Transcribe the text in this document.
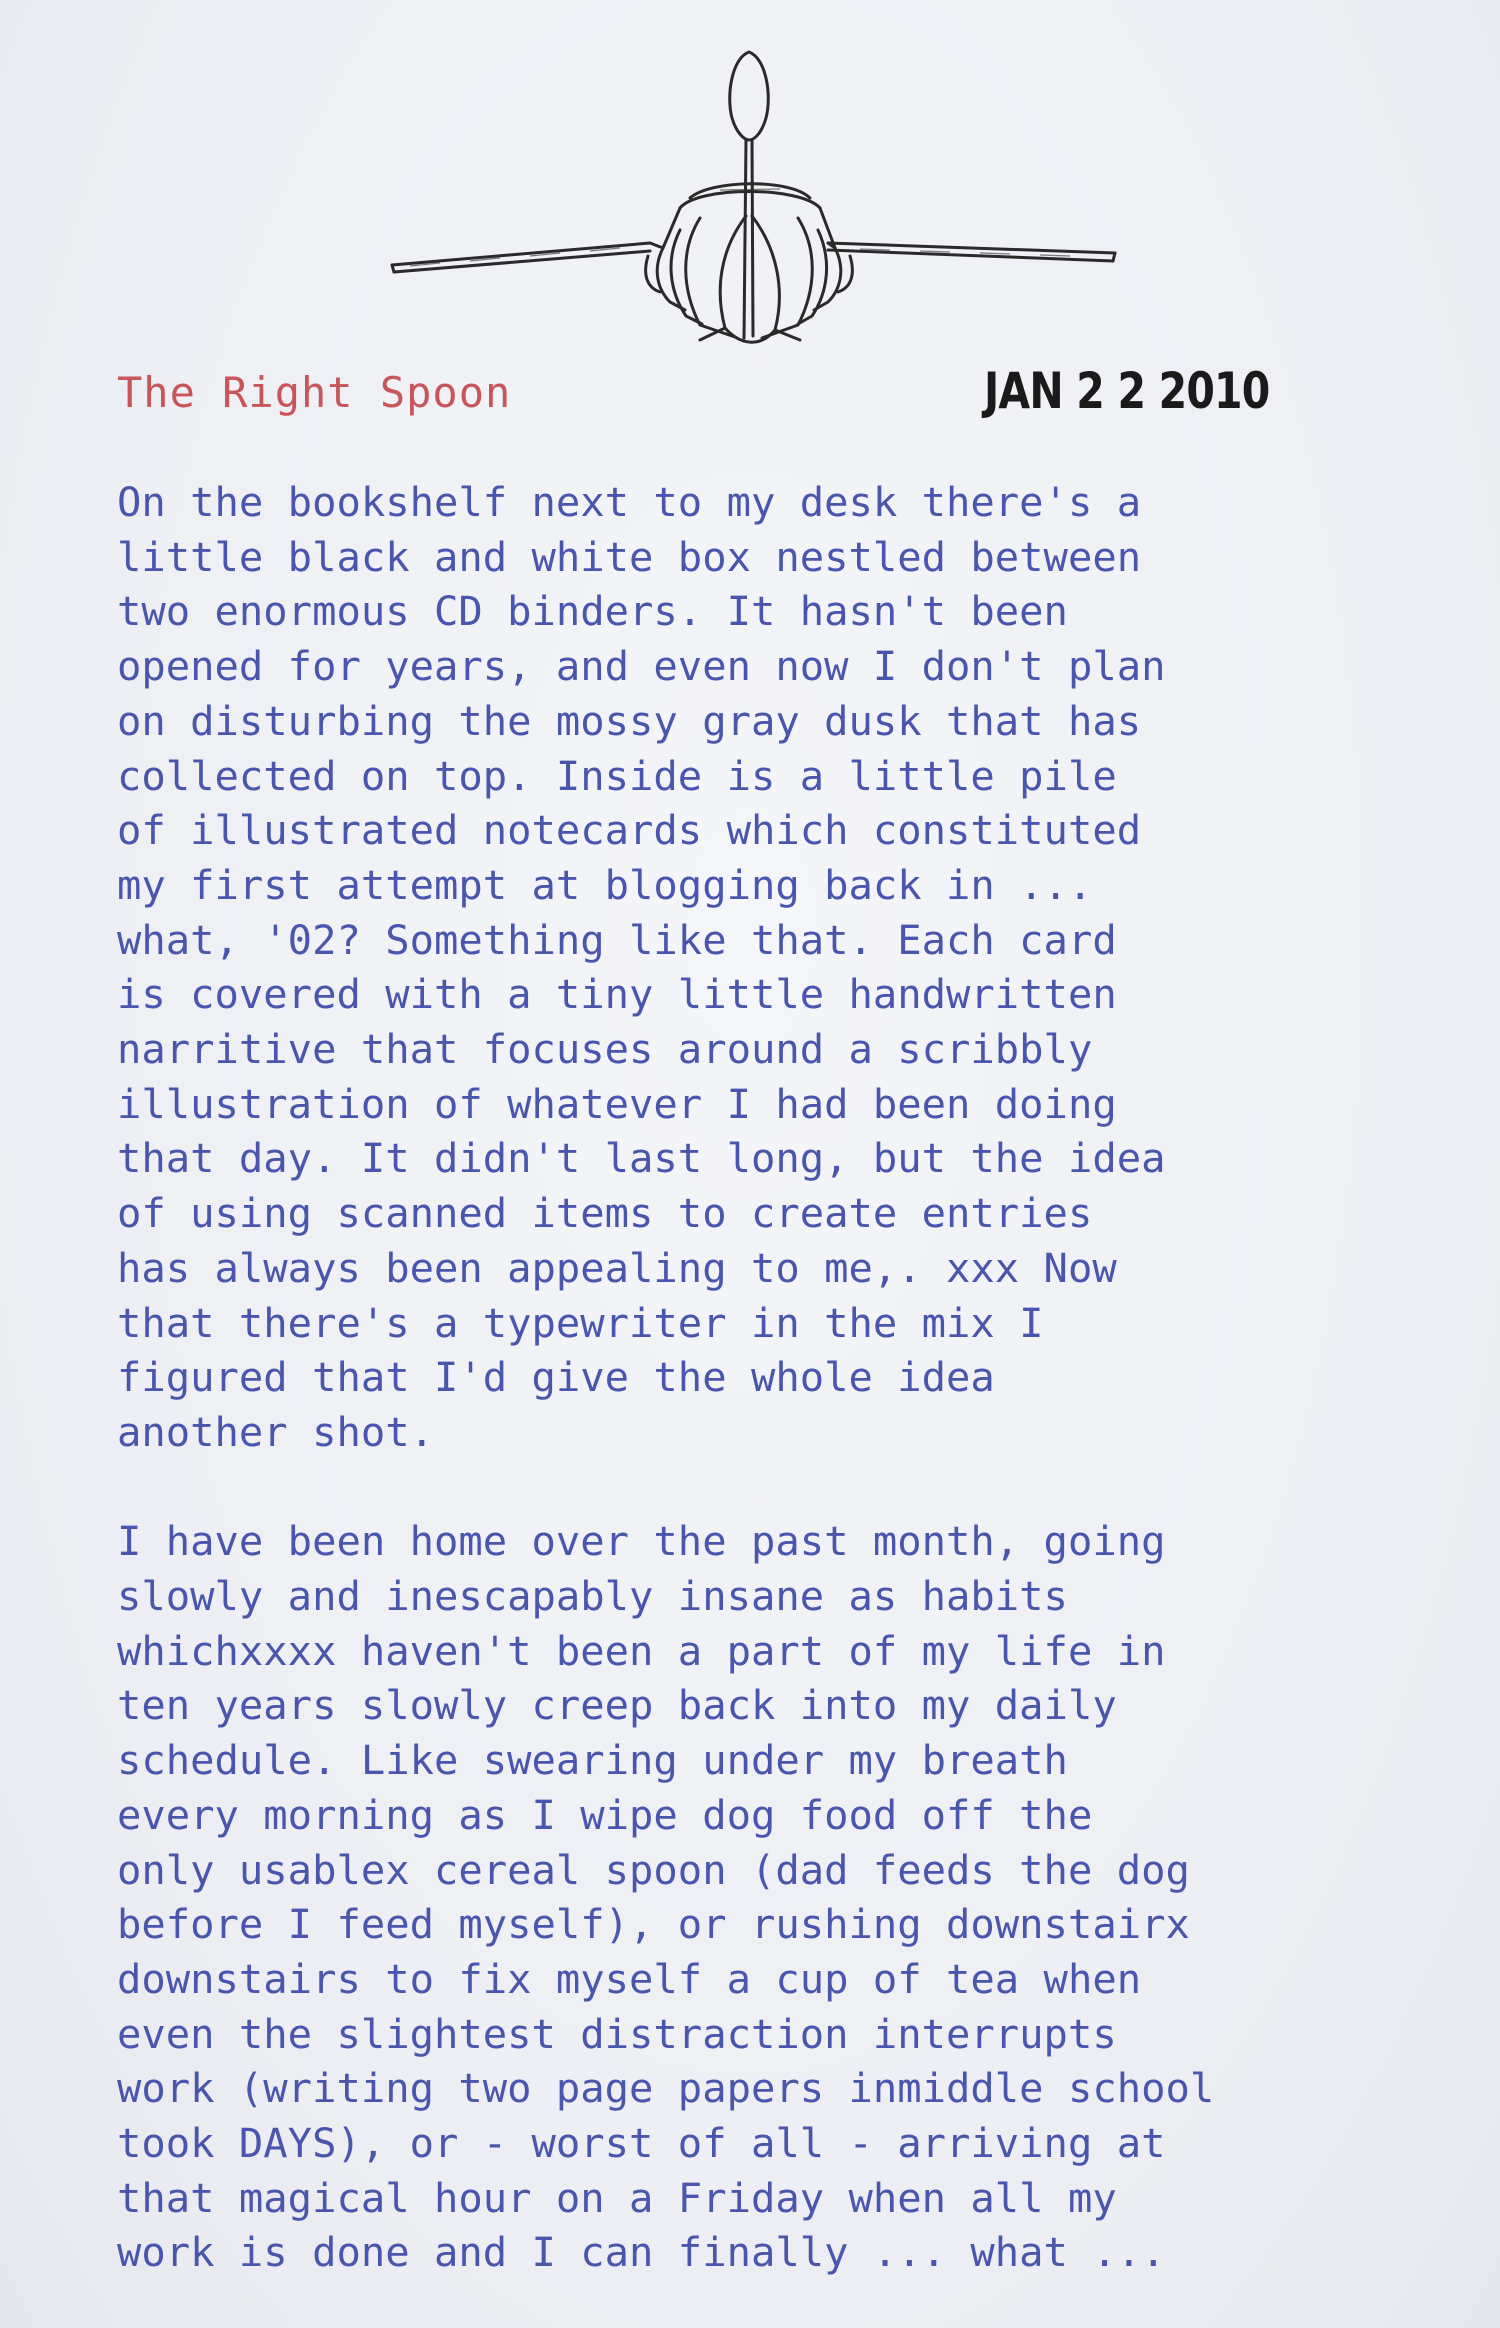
The Right Spoon	JAN 2 2 2010

On the bookshelf next to my desk there's a
little black and white box nestled between
two enormous CD binders. It hasn't been
opened for years, and even now I don't plan
on disturbing the mossy gray dusk that has
collected on top. Inside is a little pile
of illustrated notecards which constituted
my first attempt at blogging back in ...
what, '02? Something like that. Each card
is covered with a tiny little handwritten
narritive that focuses around a scribbly
illustration of whatever I had been doing
that day. It didn't last long, but the idea
of using scanned items to create entries
has always been appealing to me,. xxx Now
that there's a typewriter in the mix I
figured that I'd give the whole idea
another shot.

I have been home over the past month, going
slowly and inescapably insane as habits
whichxxxx haven't been a part of my life in
ten years slowly creep back into my daily
schedule. Like swearing under my breath
every morning as I wipe dog food off the
only usablex cereal spoon (dad feeds the dog
before I feed myself), or rushing downstairx
downstairs to fix myself a cup of tea when
even the slightest distraction interrupts
work (writing two page papers inmiddle school
took DAYS), or - worst of all - arriving at
that magical hour on a Friday when all my
work is done and I can finally ... what ...
